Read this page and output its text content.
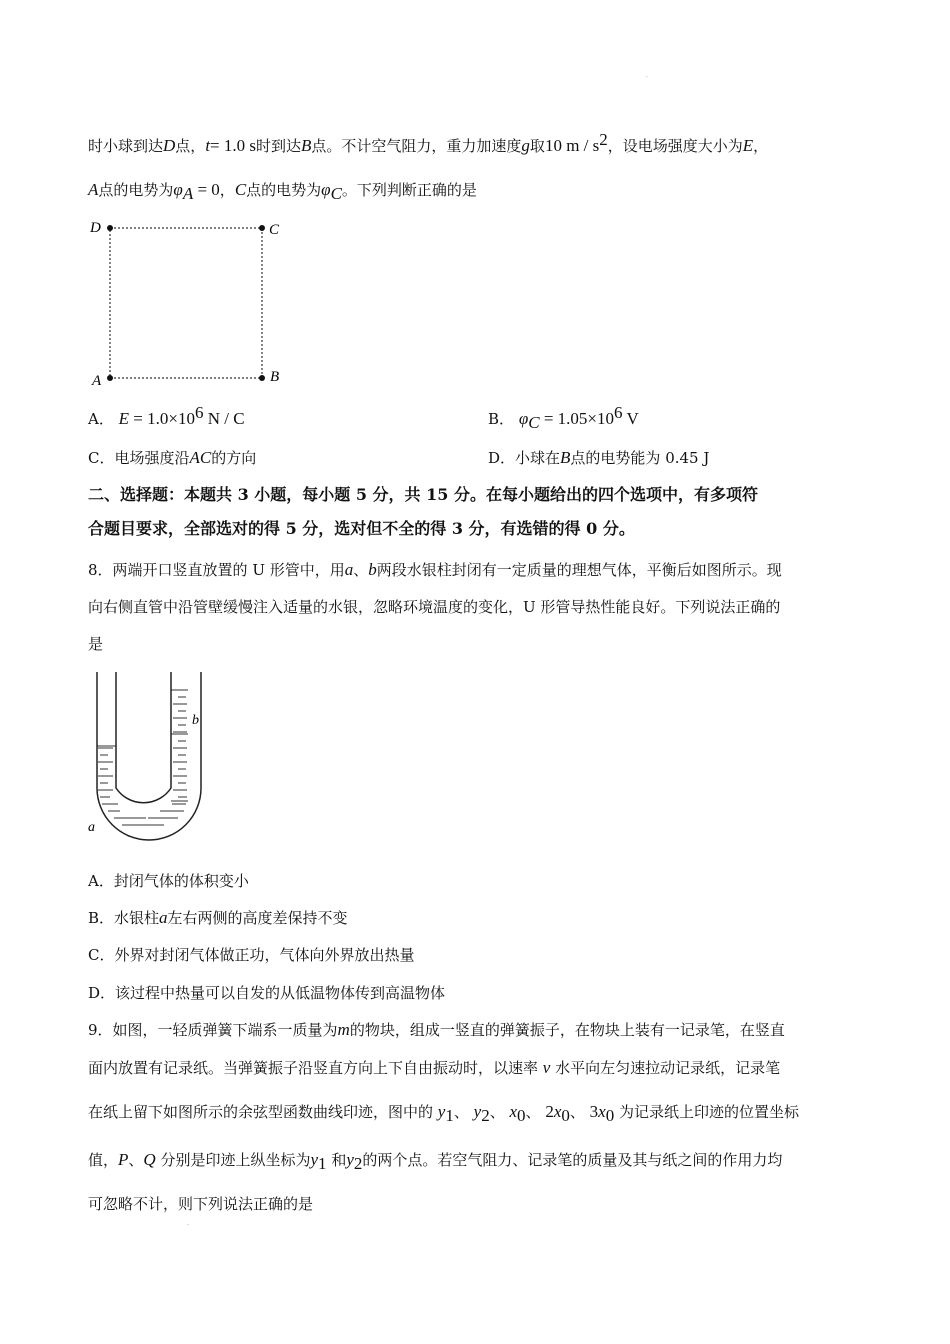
·
·
时小球到达D点，t= 1.0 s时到达B点。不计空气阻力，重力加速度g取10 m / $s^2$，设电场强度大小为E，
A点的电势为$\varphi_A = 0$，C点的电势为$\varphi_C$。下列判断正确的是
D	C
A	B
A． $E = 1.0\times 10^6$ N / C	B． $\varphi_C = 1.05\times 10^6$ V
C．电场强度沿AC的方向	D．小球在B点的电势能为 0.45 J
二、选择题：本题共 3 小题，每小题 5 分，共 15 分。在每小题给出的四个选项中，有多项符
合题目要求，全部选对的得 5 分，选对但不全的得 3 分，有选错的得 0 分。
8．两端开口竖直放置的 U 形管中，用a、b两段水银柱封闭有一定质量的理想气体，平衡后如图所示。现
向右侧直管中沿管壁缓慢注入适量的水银，忽略环境温度的变化，U 形管导热性能良好。下列说法正确的
是
b
a
A．封闭气体的体积变小
B．水银柱a左右两侧的高度差保持不变
C．外界对封闭气体做正功，气体向外界放出热量
D．该过程中热量可以自发的从低温物体传到高温物体
9．如图，一轻质弹簧下端系一质量为m的物块，组成一竖直的弹簧振子，在物块上装有一记录笔，在竖直
面内放置有记录纸。当弹簧振子沿竖直方向上下自由振动时，以速率 v 水平向左匀速拉动记录纸，记录笔
在纸上留下如图所示的余弦型函数曲线印迹，图中的 $y_1$、 $y_2$、 $x_0$、 $2x_0$、 $3x_0$ 为记录纸上印迹的位置坐标
值，P、Q 分别是印迹上纵坐标为$y_1$ 和$y_2$的两个点。若空气阻力、记录笔的质量及其与纸之间的作用力均
可忽略不计，则下列说法正确的是
